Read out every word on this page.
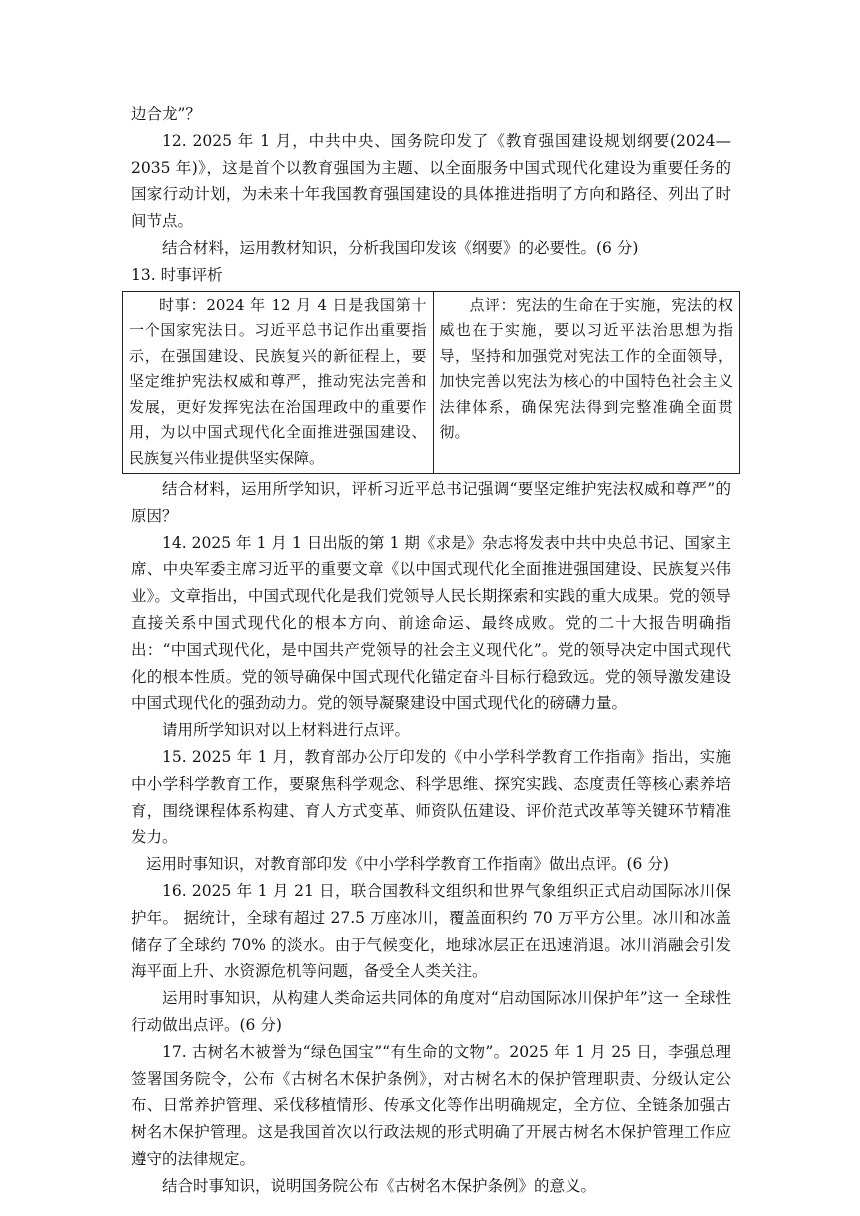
边合龙”？

12. 2025 年 1 月，中共中央、国务院印发了《教育强国建设规划纲要(2024—2035 年)》，这是首个以教育强国为主题、以全面服务中国式现代化建设为重要任务的国家行动计划，为未来十年我国教育强国建设的具体推进指明了方向和路径、列出了时间节点。

结合材料，运用教材知识，分析我国印发该《纲要》的必要性。(6 分)

13. 时事评析

时事：2024 年 12 月 4 日是我国第十一个国家宪法日。习近平总书记作出重要指示，在强国建设、民族复兴的新征程上，要坚定维护宪法权威和尊严，推动宪法完善和发展，更好发挥宪法在治国理政中的重要作用，为以中国式现代化全面推进强国建设、民族复兴伟业提供坚实保障。

点评：宪法的生命在于实施，宪法的权威也在于实施，要以习近平法治思想为指导，坚持和加强党对宪法工作的全面领导，加快完善以宪法为核心的中国特色社会主义法律体系，确保宪法得到完整准确全面贯彻。

结合材料，运用所学知识，评析习近平总书记强调“要坚定维护宪法权威和尊严”的原因？

14. 2025 年 1 月 1 日出版的第 1 期《求是》杂志将发表中共中央总书记、国家主席、中央军委主席习近平的重要文章《以中国式现代化全面推进强国建设、民族复兴伟业》。文章指出，中国式现代化是我们党领导人民长期探索和实践的重大成果。党的领导直接关系中国式现代化的根本方向、前途命运、最终成败。党的二十大报告明确指出：“中国式现代化，是中国共产党领导的社会主义现代化”。党的领导决定中国式现代化的根本性质。党的领导确保中国式现代化锚定奋斗目标行稳致远。党的领导激发建设中国式现代化的强劲动力。党的领导凝聚建设中国式现代化的磅礴力量。

请用所学知识对以上材料进行点评。

15. 2025 年 1 月，教育部办公厅印发的《中小学科学教育工作指南》指出，实施中小学科学教育工作，要聚焦科学观念、科学思维、探究实践、态度责任等核心素养培育，围绕课程体系构建、育人方式变革、师资队伍建设、评价范式改革等关键环节精准发力。

运用时事知识，对教育部印发《中小学科学教育工作指南》做出点评。(6 分)

16. 2025 年 1 月 21 日，联合国教科文组织和世界气象组织正式启动国际冰川保护年。 据统计，全球有超过 27.5 万座冰川，覆盖面积约 70 万平方公里。冰川和冰盖储存了全球约 70% 的淡水。由于气候变化，地球冰层正在迅速消退。冰川消融会引发海平面上升、水资源危机等问题，备受全人类关注。

运用时事知识，从构建人类命运共同体的角度对“启动国际冰川保护年”这一 全球性行动做出点评。(6 分)

17. 古树名木被誉为“绿色国宝”“有生命的文物”。2025 年 1 月 25 日，李强总理签署国务院令，公布《古树名木保护条例》，对古树名木的保护管理职责、分级认定公布、日常养护管理、采伐移植情形、传承文化等作出明确规定，全方位、全链条加强古树名木保护管理。这是我国首次以行政法规的形式明确了开展古树名木保护管理工作应遵守的法律规定。

结合时事知识，说明国务院公布《古树名木保护条例》的意义。
